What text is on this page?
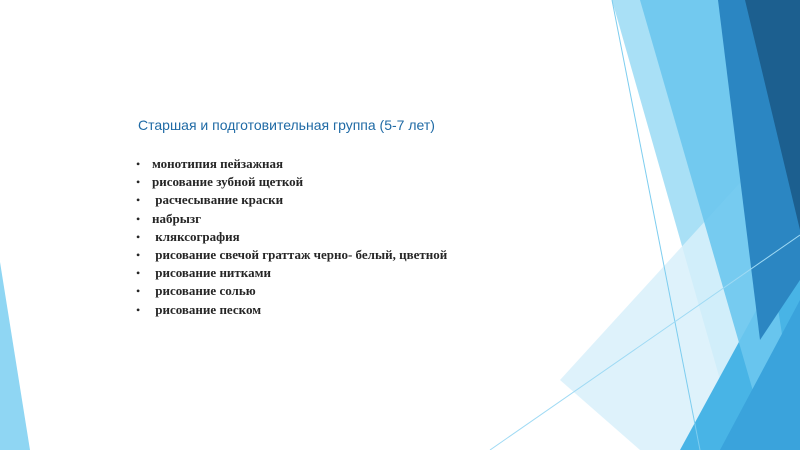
Старшая и подготовительная группа (5-7 лет)
• монотипия пейзажная
• рисование зубной щеткой
• расчесывание краски
• набрызг
• кляксография
• рисование свечой граттаж черно- белый, цветной
• рисование нитками
• рисование солью
• рисование песком
